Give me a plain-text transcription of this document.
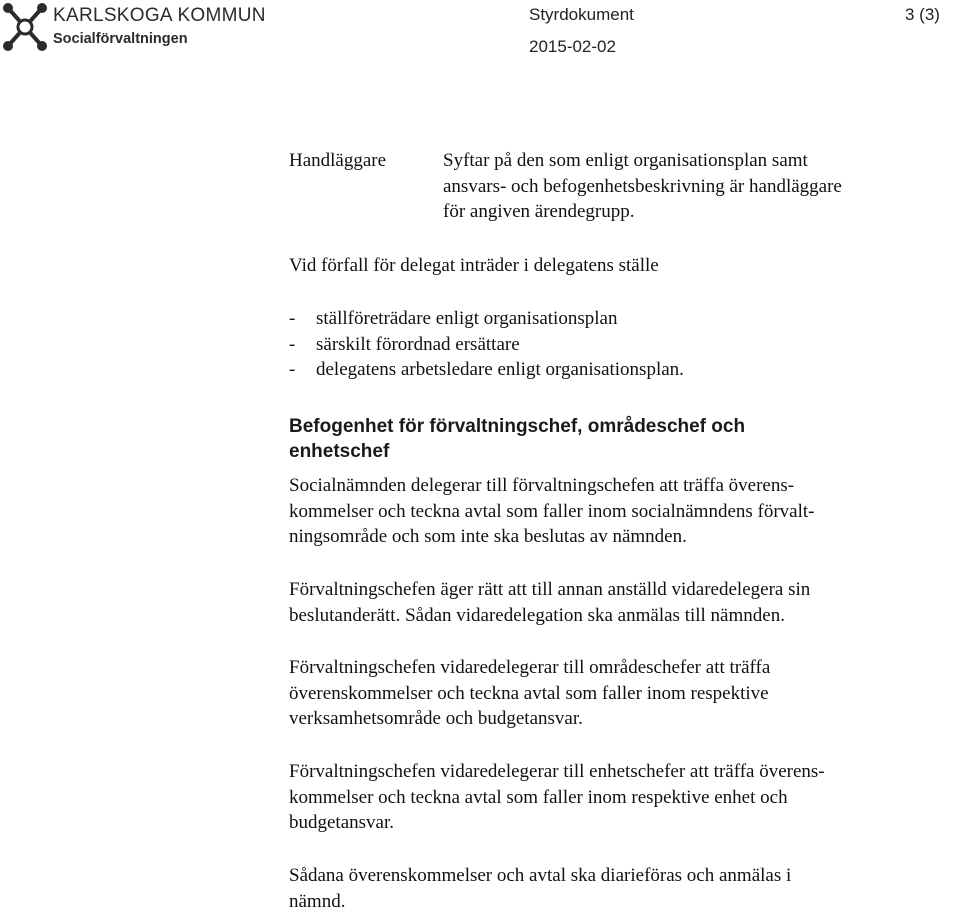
KARLSKOGA KOMMUN
Socialförvaltningen
Styrdokument	3 (3)
2015-02-02
Handläggare	Syftar på den som enligt organisationsplan samt
ansvars- och befogenhetsbeskrivning är handläggare
för angiven ärendegrupp.
Vid förfall för delegat inträder i delegatens ställe
- ställföreträdare enligt organisationsplan
- särskilt förordnad ersättare
- delegatens arbetsledare enligt organisationsplan.
Befogenhet för förvaltningschef, områdeschef och
enhetschef
Socialnämnden delegerar till förvaltningschefen att träffa överens-
kommelser och teckna avtal som faller inom socialnämndens förvalt-
ningsområde och som inte ska beslutas av nämnden.
Förvaltningschefen äger rätt att till annan anställd vidaredelegera sin
beslutanderätt. Sådan vidaredelegation ska anmälas till nämnden.
Förvaltningschefen vidaredelegerar till områdeschefer att träffa
överenskommelser och teckna avtal som faller inom respektive
verksamhetsområde och budgetansvar.
Förvaltningschefen vidaredelegerar till enhetschefer att träffa överens-
kommelser och teckna avtal som faller inom respektive enhet och
budgetansvar.
Sådana överenskommelser och avtal ska diarieföras och anmälas i
nämnd.
